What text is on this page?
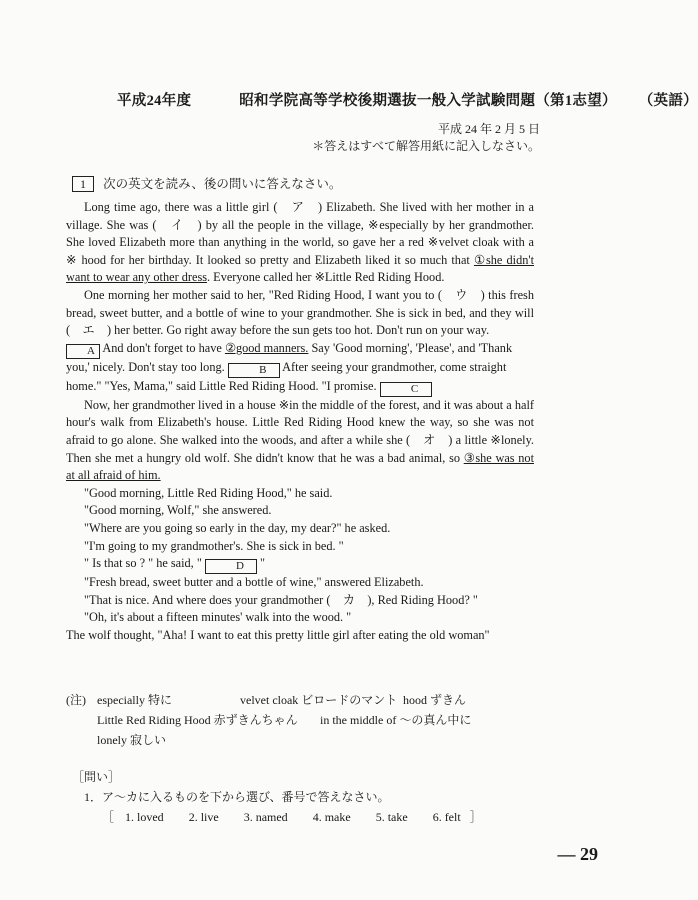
平成24年度	昭和学院高等学校後期選抜一般入学試験問題（第1志望） （英語）
平成 24 年 2 月 5 日
＊答えはすべて解答用紙に記入しなさい。
1 次の英文を読み、後の問いに答えなさい。

Long time ago, there was a little girl (　ア　) Elizabeth. She lived with her mother in a village. She was (　イ　) by all the people in the village, ※especially by her grandmother. She loved Elizabeth more than anything in the world, so gave her a red ※velvet cloak with a ※ hood for her birthday. It looked so pretty and Elizabeth liked it so much that ①she didn't want to wear any other dress. Everyone called her ※Little Red Riding Hood.

One morning her mother said to her, "Red Riding Hood, I want you to (　ウ　) this fresh bread, sweet butter, and a bottle of wine to your grandmother. She is sick in bed, and they will (　エ　) her better. Go right away before the sun gets too hot. Don't run on your way.
A And don't forget to have ②good manners. Say 'Good morning', 'Please', and 'Thank
you,' nicely. Don't stay too long.	B After seeing your grandmother, come straight
home." "Yes, Mama," said Little Red Riding Hood. "I promise.	C

Now, her grandmother lived in a house ※in the middle of the forest, and it was about a half hour's walk from Elizabeth's house. Little Red Riding Hood knew the way, so she was not afraid to go alone. She walked into the woods, and after a while she (　オ　) a little ※lonely. Then she met a hungry old wolf. She didn't know that he was a bad animal, so ③she was not at all afraid of him.

"Good morning, Little Red Riding Hood," he said.

"Good morning, Wolf," she answered.

"Where are you going so early in the day, my dear?" he asked.

"I'm going to my grandmother's. She is sick in bed. "

" Is that so ? " he said, "	D "

"Fresh bread, sweet butter and a bottle of wine," answered Elizabeth.

"That is nice. And where does your grandmother (　カ　), Red Riding Hood? "

"Oh, it's about a fifteen minutes' walk into the wood. "

The wolf thought, "Aha! I want to eat this pretty little girl after eating the old woman"

(注) especially 特に	velvet cloak ビロードのマント hood ずきん
Little Red Riding Hood 赤ずきんちゃん in the middle of ～の真ん中に
lonely 寂しい
［問い］
1．ア～カに入るものを下から選び、番号で答えなさい。
［ 1. loved 2. live 3. named 4. make 5. take 6. felt ］
— 29
